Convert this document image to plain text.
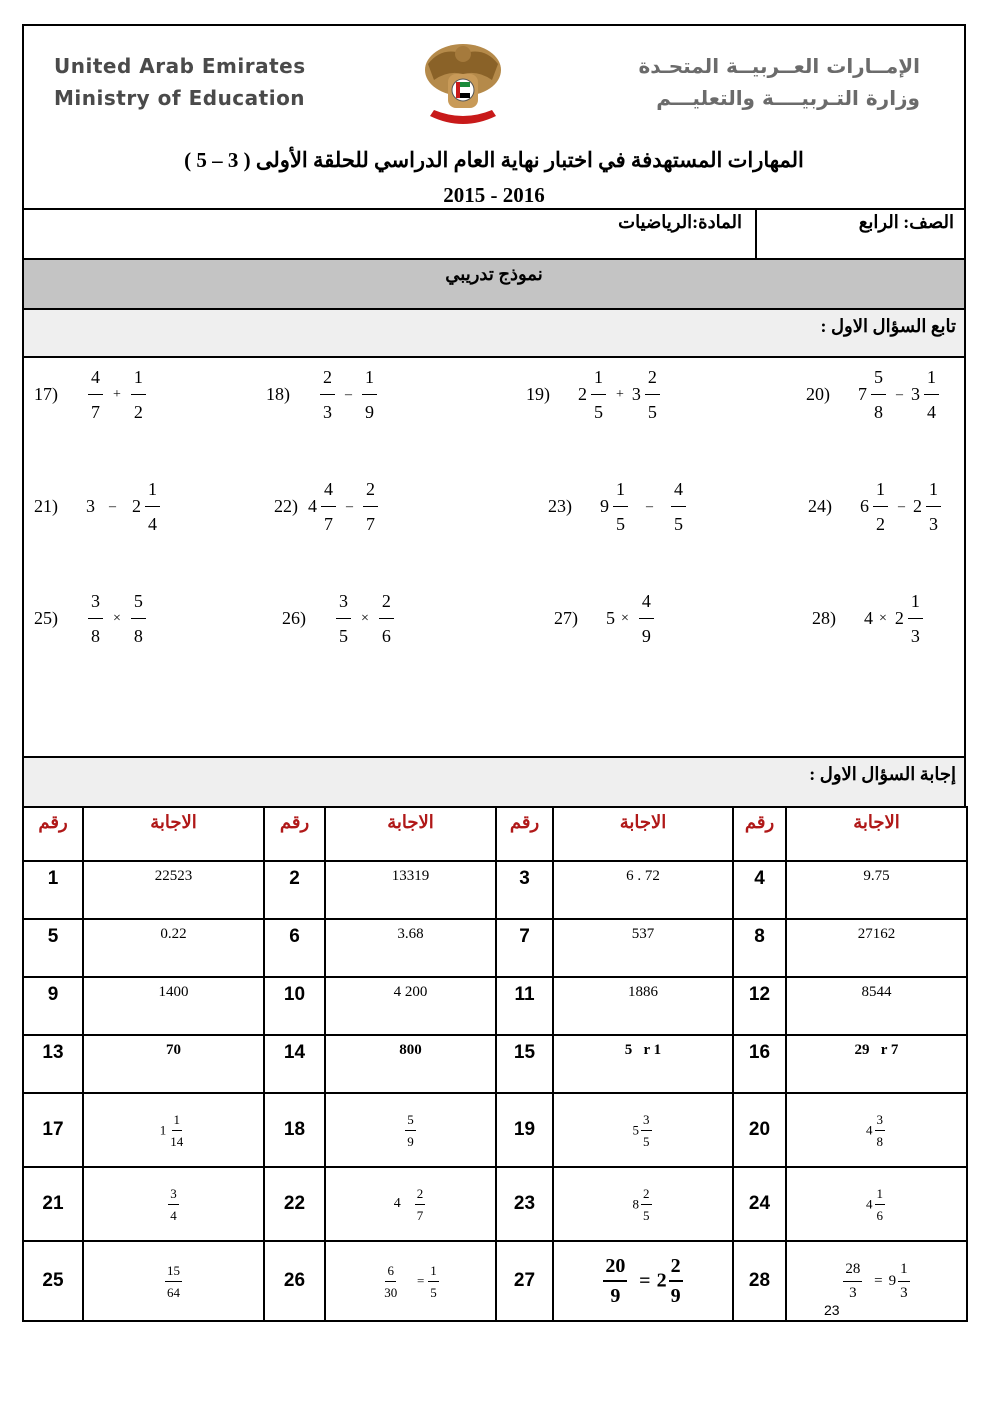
United Arab Emirates
Ministry of Education
الإمــارات العــربيــة المتحـدة
وزارة التـربيــــة والتعليـــم
المهارات المستهدفة في اختبار نهاية العام الدراسي للحلقة الأولى ( 3 – 5 )
2015 - 2016
الصف: الرابع
المادة:الرياضيات
نموذج تدريبي
تابع السؤال الاول :
$17) \frac{4}{7} + \frac{1}{2}$	$18) \frac{2}{3} - \frac{1}{9}$	19) $2 \frac{1}{5} + 3 \frac{2}{5}$	20) $7 \frac{5}{8} - 3 \frac{1}{4}$
21) $3 - 2 \frac{1}{4}$	22) $4 \frac{4}{7} - \frac{2}{7}$	23) $9 \frac{1}{5} - \frac{4}{5}$	24) $6 \frac{1}{2} - 2 \frac{1}{3}$
$25) \frac{3}{8} \times \frac{5}{8}$	$26) \frac{3}{5} \times \frac{2}{6}$	27) $5 \times \frac{4}{9}$	28) $4 \times 2 \frac{1}{3}$
إجابة السؤال الاول :
رقم	الاجابة	رقم	الاجابة	رقم	الاجابة	رقم	الاجابة
1	22523	2	13319	3	6 . 72	4	9.75
5	0.22	6	3.68	7	537	8	27162
9	1400	10	4 200	11	1886	12	8544
13	70	14	800	15	5   r 1	16	29   r 7
17	$1 \frac{1}{14}$	18	$\frac{5}{9}$	19	$5 \frac{3}{5}$	20	$4 \frac{3}{8}$

21	$\frac{3}{4}$	22	$4 \frac{2}{7}$	23	$8 \frac{2}{5}$	24	$4 \frac{1}{6}$

25	$\frac{15}{64}$	26	$\frac{6}{30} = \frac{1}{5}$	27	$\frac{20}{9} = 2 \frac{2}{9}$	28	$\frac{28}{3} = 9 \frac{1}{3}$
23
